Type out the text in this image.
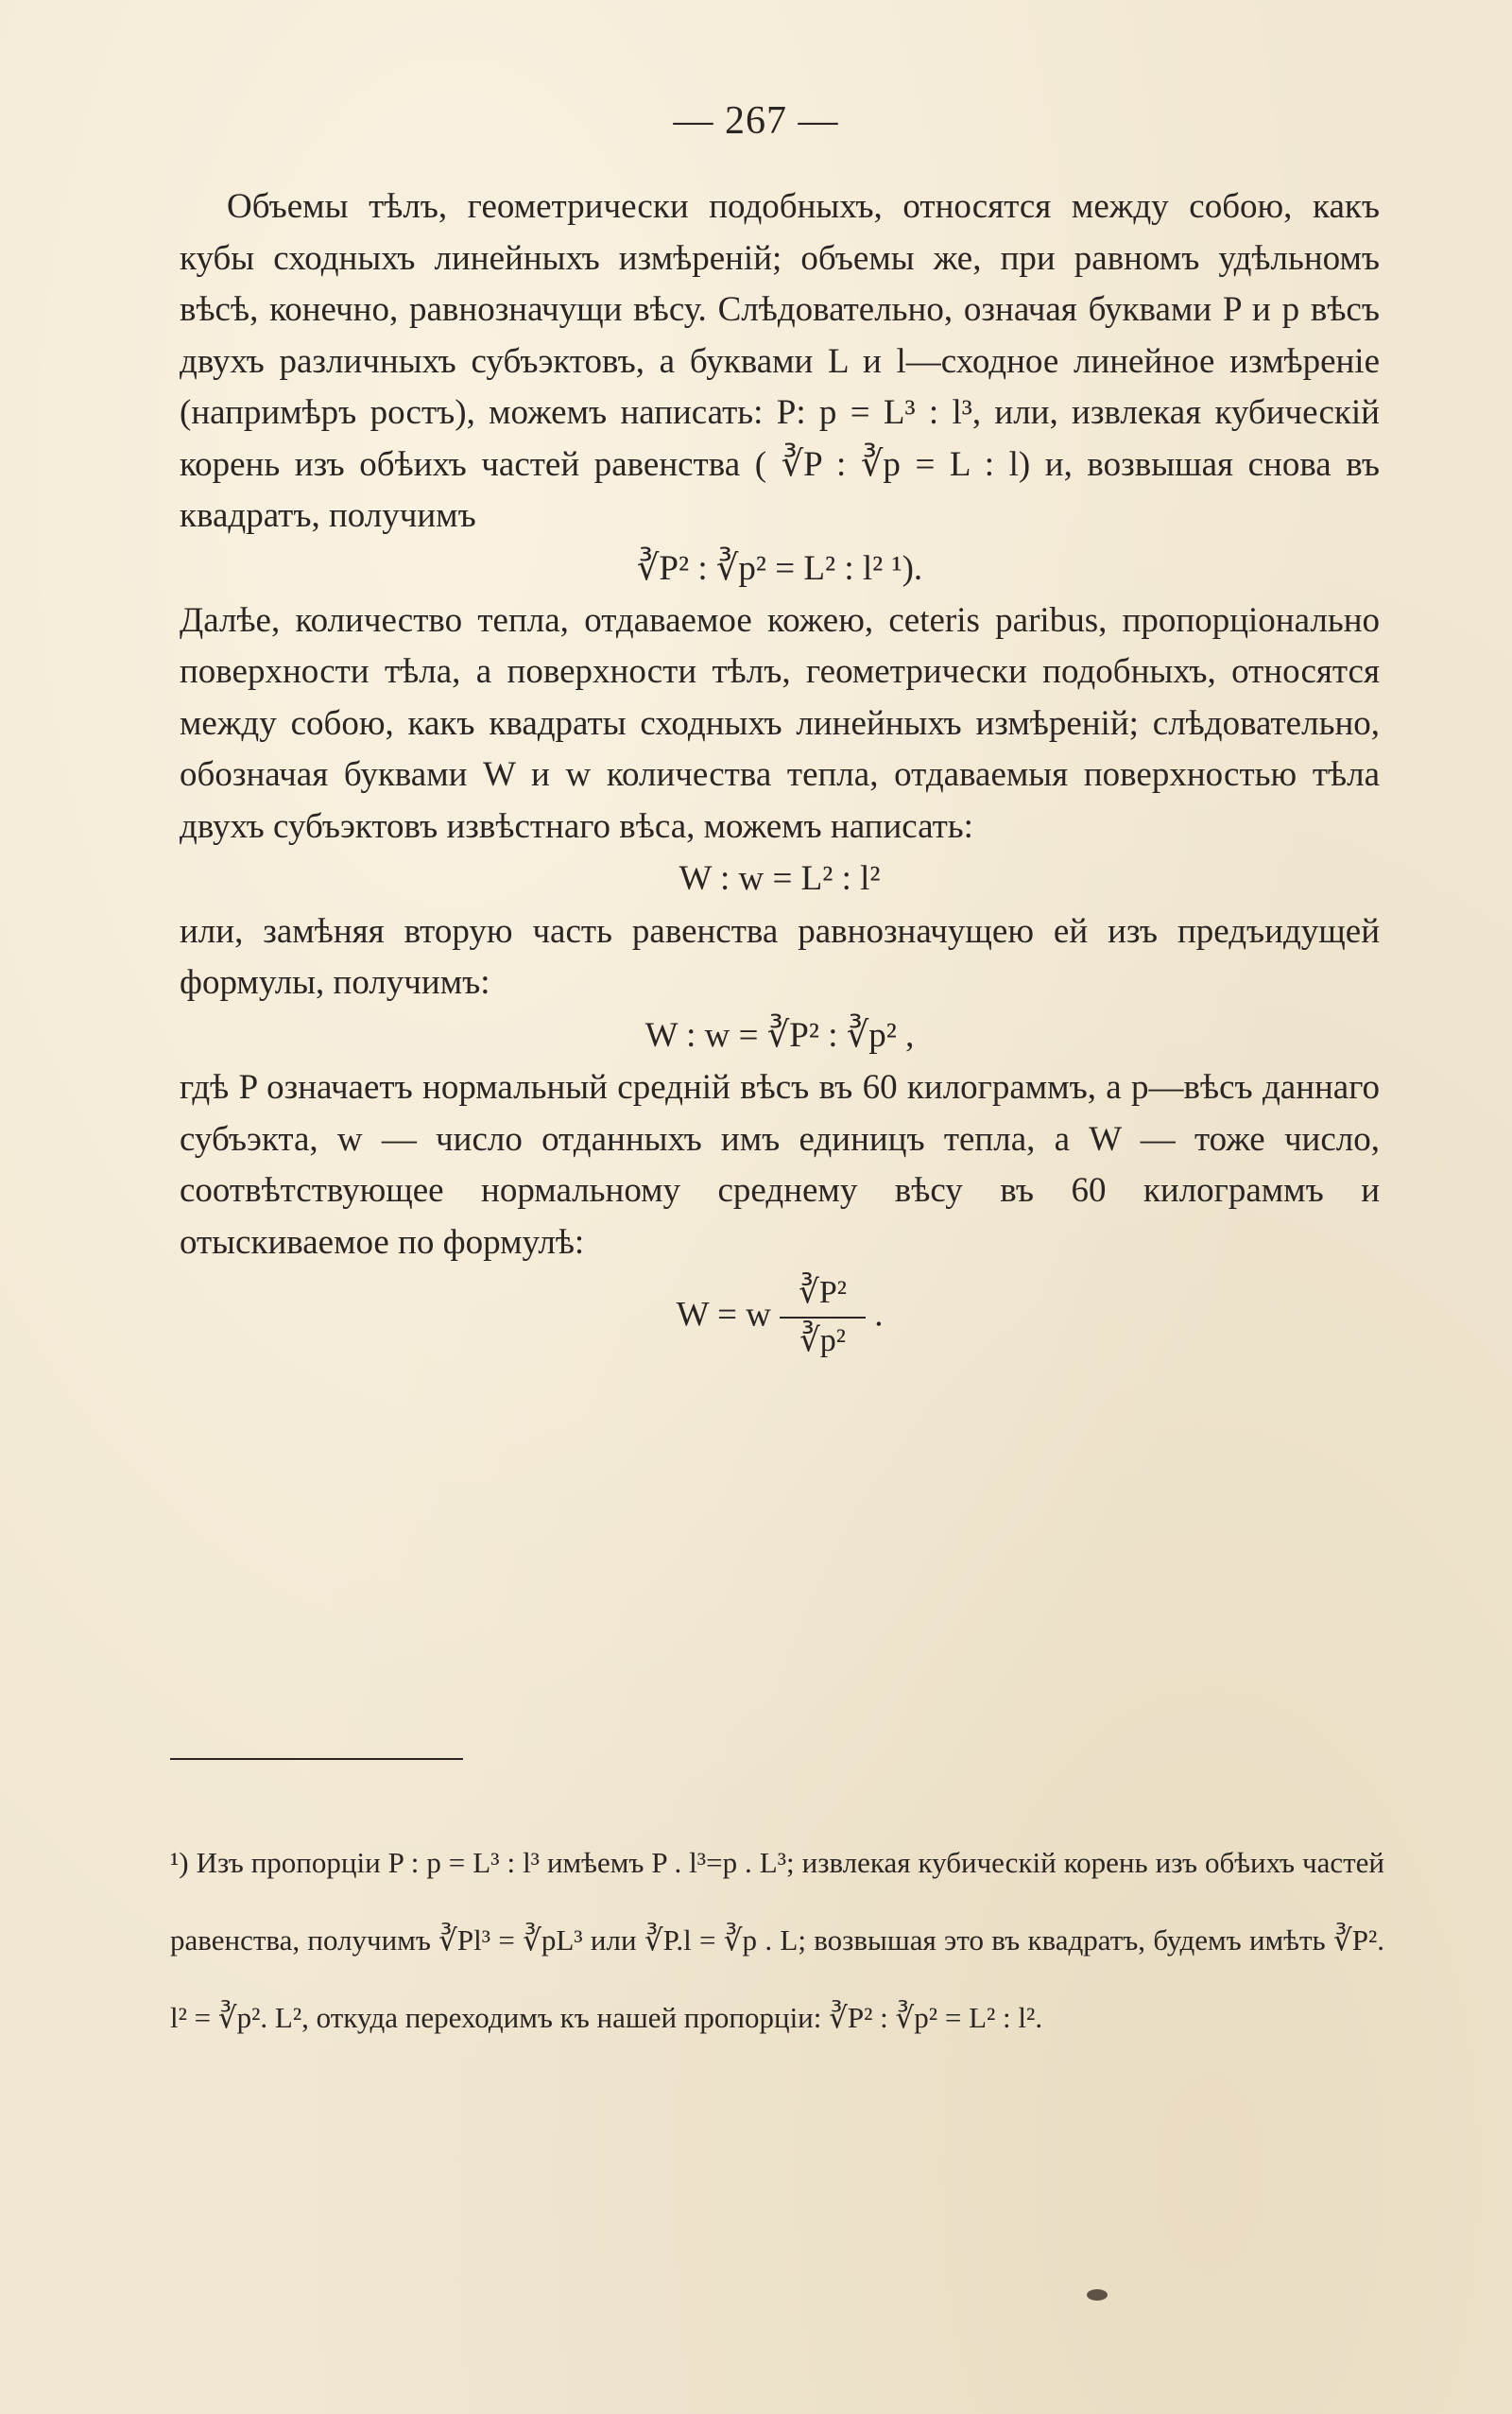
— 267 —

Объемы тѣлъ, геометрически подобныхъ, относятся между собою, какъ кубы сходныхъ линейныхъ измѣреній; объемы же, при равномъ удѣльномъ вѣсѣ, конечно, равнозначущи вѣсу. Слѣдовательно, означая буквами P и p вѣсъ двухъ различныхъ субъэктовъ, а буквами L и l—сходное линейное измѣреніе (напримѣръ ростъ), можемъ написать: P: p = L³ : l³, или, извлекая кубическій корень изъ обѣихъ частей равенства ( ∛P : ∛p = L : l) и, возвышая снова въ квадратъ, получимъ

∛P² : ∛p² = L² : l² ¹).

Далѣе, количество тепла, отдаваемое кожею, ceteris paribus, пропорціонально поверхности тѣла, а поверхности тѣлъ, геометрически подобныхъ, относятся между собою, какъ квадраты сходныхъ линейныхъ измѣреній; слѣдовательно, обозначая буквами W и w количества тепла, отдаваемыя поверхностью тѣла двухъ субъэктовъ извѣстнаго вѣса, можемъ написать:

W : w = L² : l²

или, замѣняя вторую часть равенства равнозначущею ей изъ предъидущей формулы, получимъ:

W : w = ∛P² : ∛p² ,

гдѣ P означаетъ нормальный средній вѣсъ въ 60 килограммъ, а p—вѣсъ даннаго субъэкта, w — число отданныхъ имъ единицъ тепла, а W — тоже число, соотвѣтствующее нормальному среднему вѣсу въ 60 килограммъ и отыскиваемое по формулѣ:

W = w $\frac{\text{∛P²}}{\text{∛p²}}$ .

¹) Изъ пропорціи P : p = L³ : l³ имѣемъ P . l³=p . L³; извлекая кубическій корень изъ обѣихъ частей равенства, получимъ ∛Pl³ = ∛pL³ или ∛P.l = ∛p . L; возвышая это въ квадратъ, будемъ имѣть ∛P². l² = ∛p². L², откуда переходимъ къ нашей пропорціи: ∛P² : ∛p² = L² : l².
